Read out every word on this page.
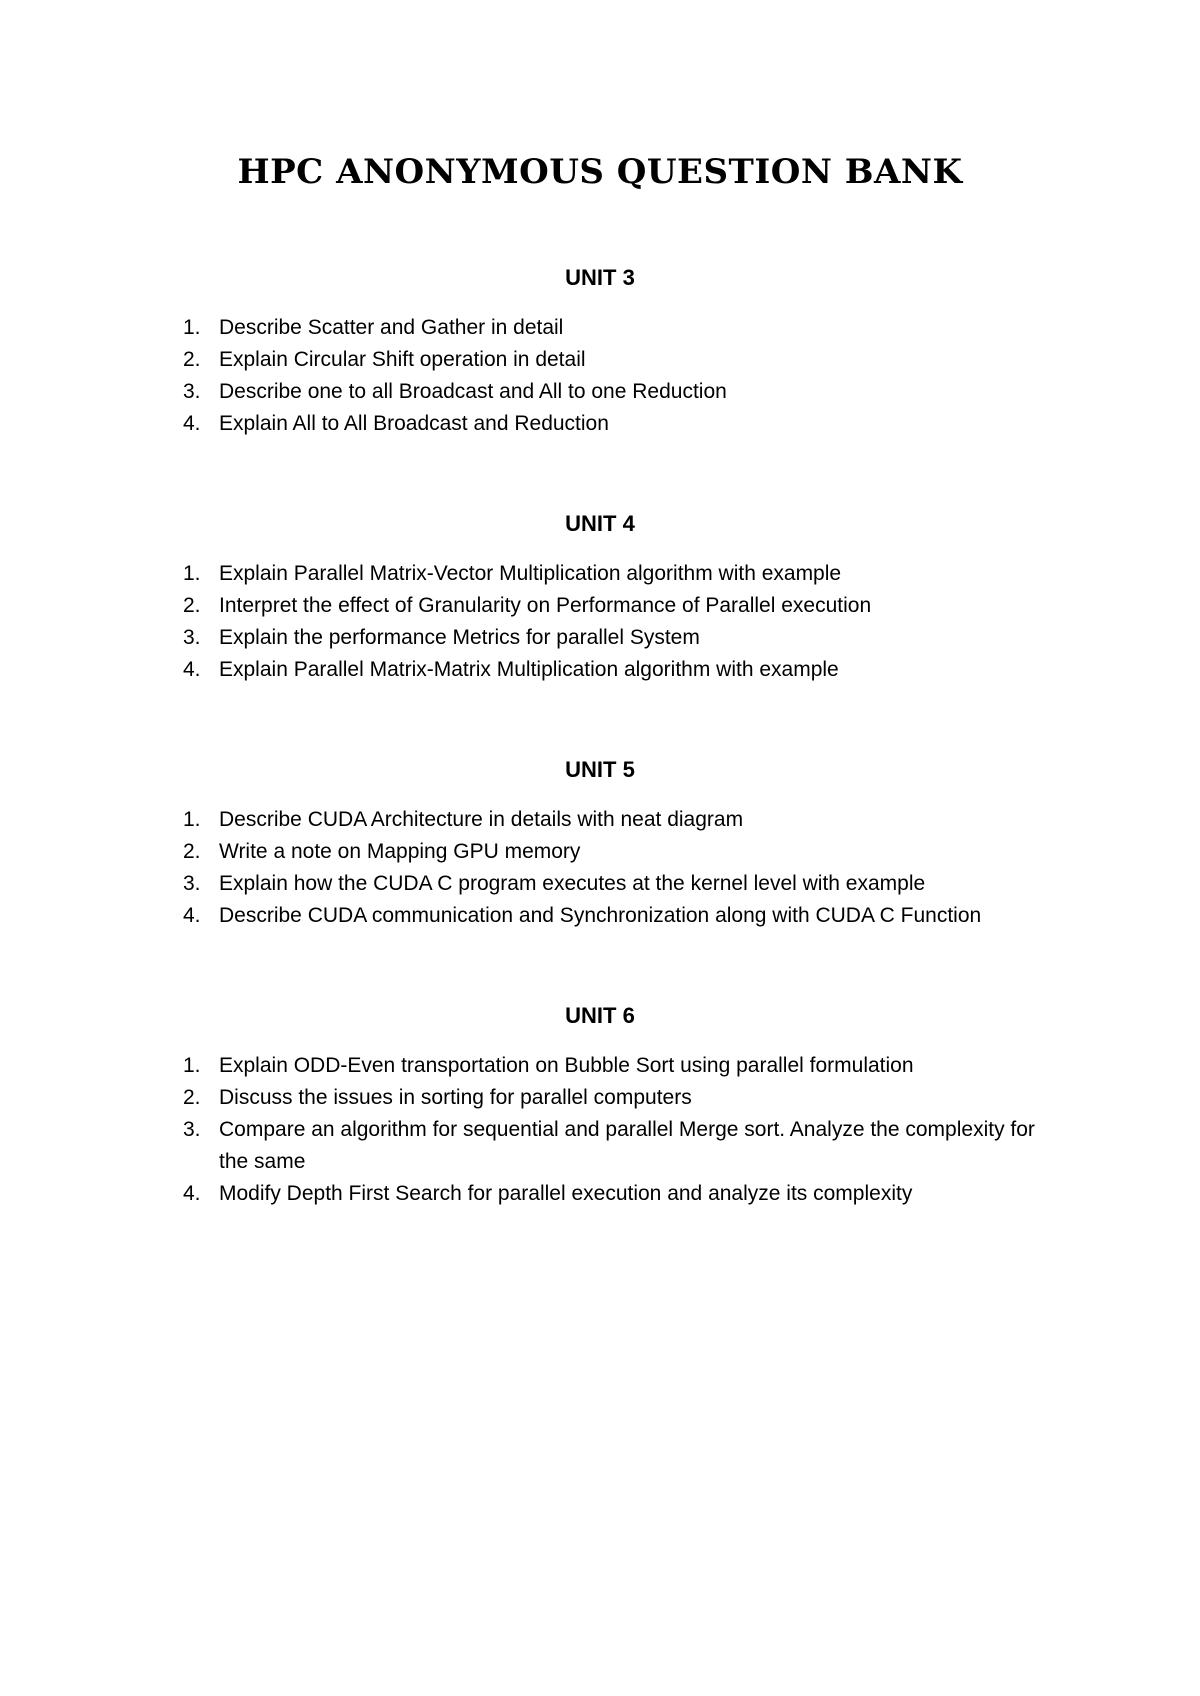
HPC ANONYMOUS QUESTION BANK
UNIT 3
1. Describe Scatter and Gather in detail
2. Explain Circular Shift operation in detail
3. Describe one to all Broadcast and All to one Reduction
4. Explain All to All Broadcast and Reduction
UNIT 4
1. Explain Parallel Matrix-Vector Multiplication algorithm with example
2. Interpret the effect of Granularity on Performance of Parallel execution
3. Explain the performance Metrics for parallel System
4. Explain Parallel Matrix-Matrix Multiplication algorithm with example
UNIT 5
1. Describe CUDA Architecture in details with neat diagram
2. Write a note on Mapping GPU memory
3. Explain how the CUDA C program executes at the kernel level with example
4. Describe CUDA communication and Synchronization along with CUDA C Function
UNIT 6
1. Explain ODD-Even transportation on Bubble Sort using parallel formulation
2. Discuss the issues in sorting for parallel computers
3. Compare an algorithm for sequential and parallel Merge sort. Analyze the complexity for the same
4. Modify Depth First Search for parallel execution and analyze its complexity
